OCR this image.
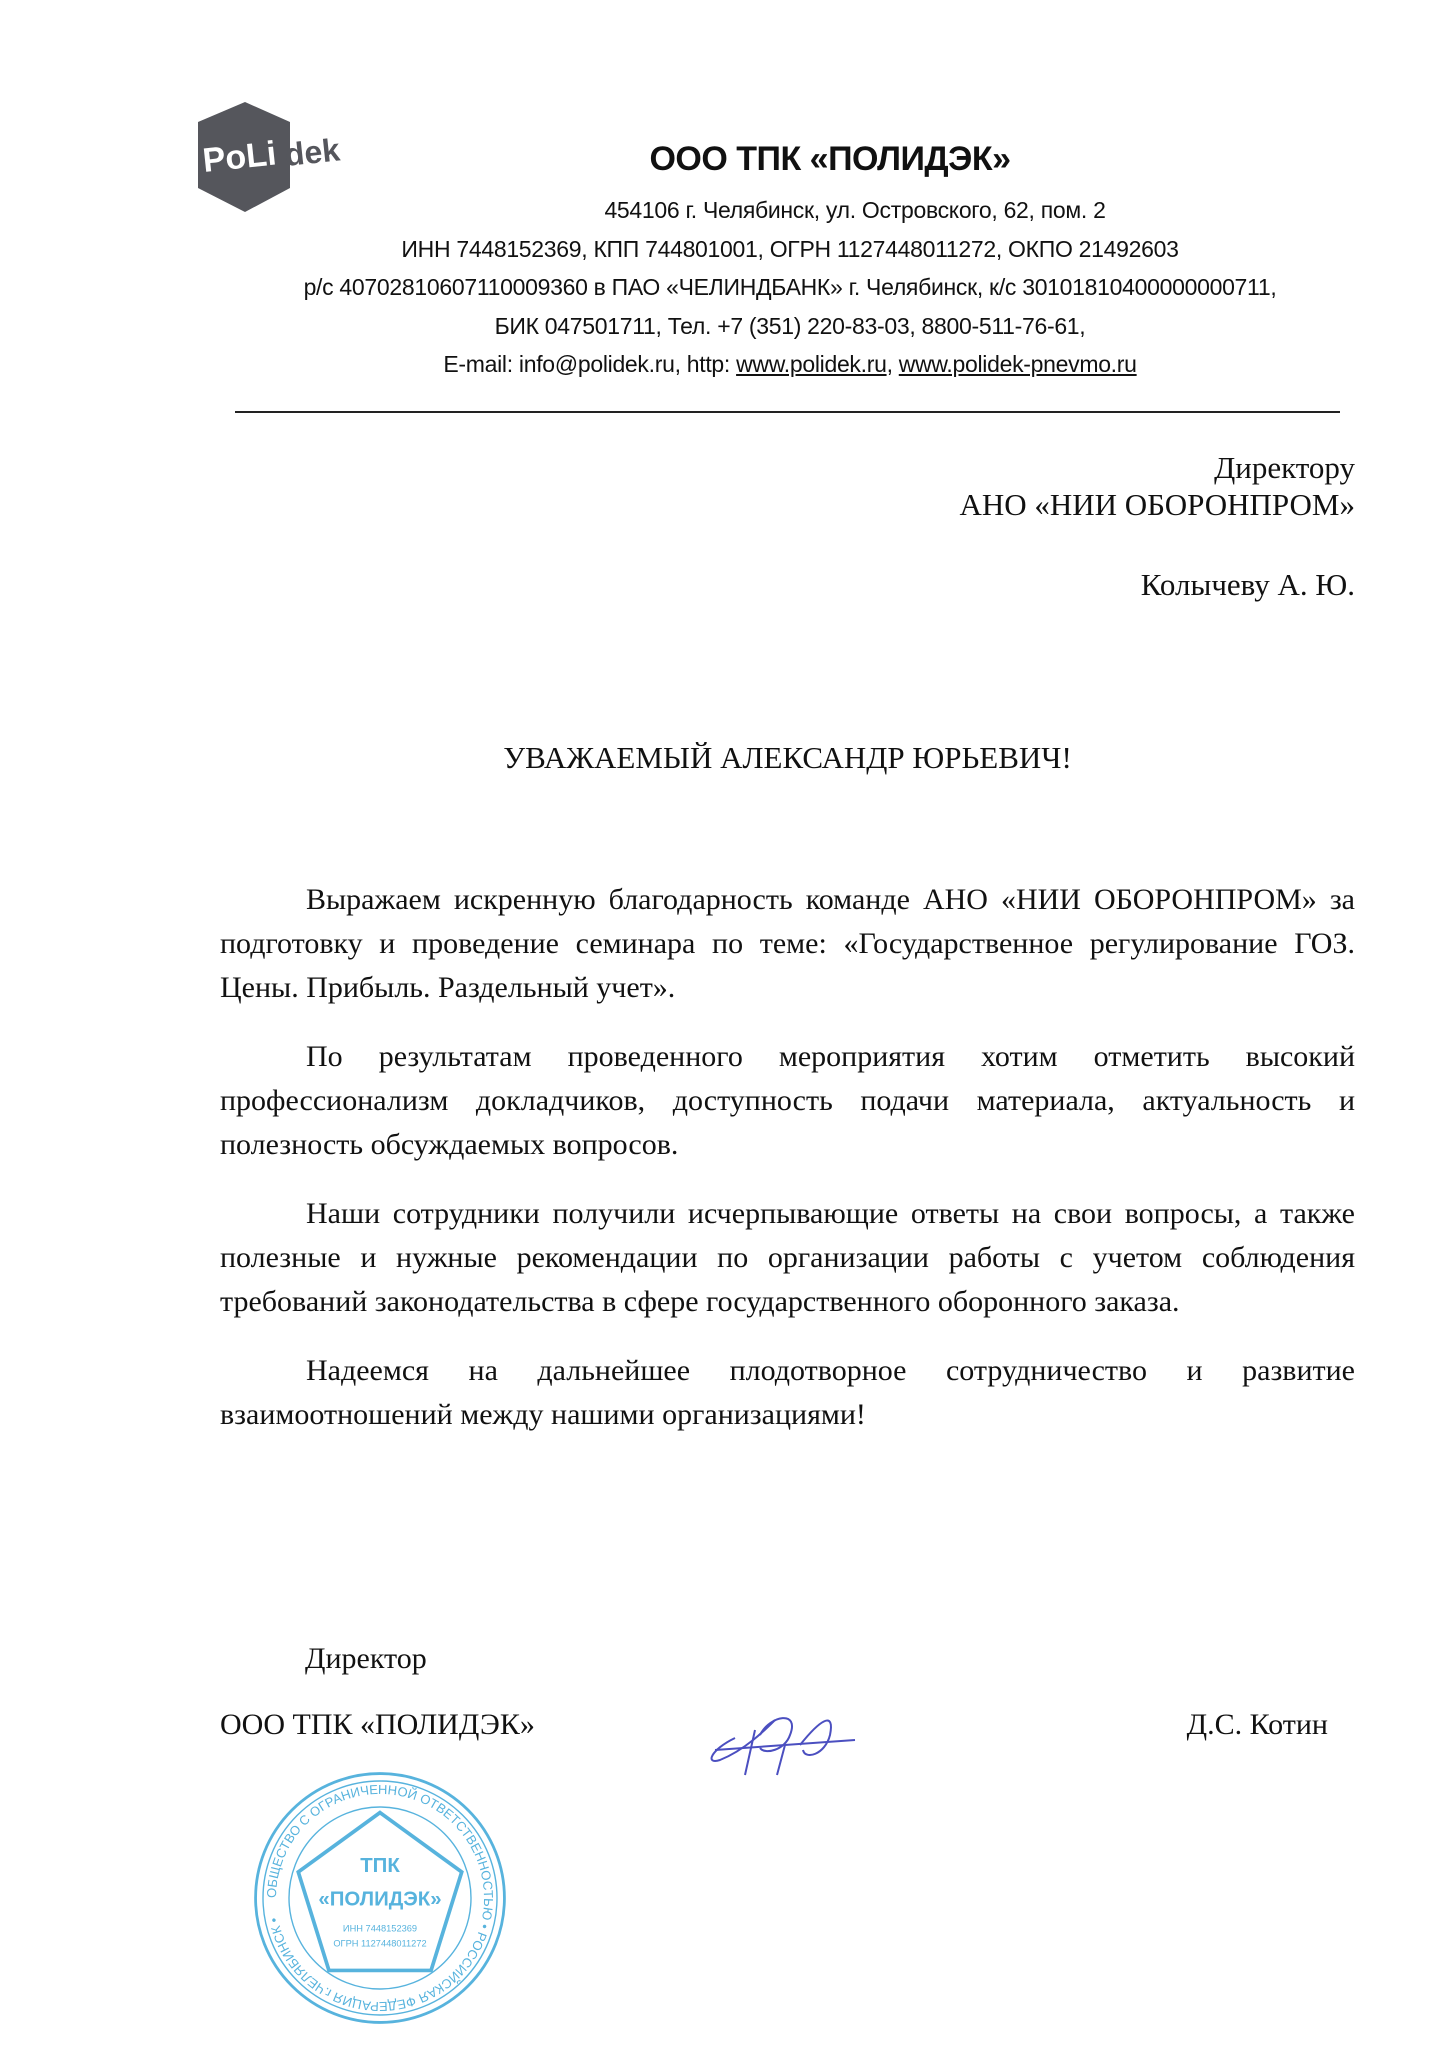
PoLi dek	ООО ТПК «ПОЛИДЭК»
454106 г. Челябинск, ул. Островского, 62, пом. 2
ИНН 7448152369, КПП 744801001, ОГРН 1127448011272, ОКПО 21492603
р/с 40702810607110009360 в ПАО «ЧЕЛИНДБАНК» г. Челябинск, к/с 30101810400000000711,
БИК 047501711, Тел. +7 (351) 220-83-03, 8800-511-76-61,
E-mail: info@polidek.ru, http: www.polidek.ru, www.polidek-pnevmo.ru
Директору
АНО «НИИ ОБОРОНПРОМ»
Колычеву А. Ю.
УВАЖАЕМЫЙ АЛЕКСАНДР ЮРЬЕВИЧ!

Выражаем искренную благодарность команде АНО «НИИ ОБОРОНПРОМ» за подготовку и проведение семинара по теме: «Государственное регулирование ГОЗ. Цены. Прибыль. Раздельный учет».

По результатам проведенного мероприятия хотим отметить высокий профессионализм докладчиков, доступность подачи материала, актуальность и полезность обсуждаемых вопросов.

Наши сотрудники получили исчерпывающие ответы на свои вопросы, а также полезные и нужные рекомендации по организации работы с учетом соблюдения требований законодательства в сфере государственного оборонного заказа.

Надеемся на дальнейшее плодотворное сотрудничество и развитие взаимоотношений между нашими организациями!

Директор
ООО ТПК «ПОЛИДЭК»
ОБЩЕСТВО С ОГРАНИЧЕННОЙ ОТВЕТСТВЕННОСТЬЮ • РОССИЙСКАЯ ФЕДЕРАЦИЯ г.ЧЕЛЯБИНСК •
ТПК
«ПОЛИДЭК»
ИНН 7448152369
ОГРН 1127448011272
Д.С. Котин
